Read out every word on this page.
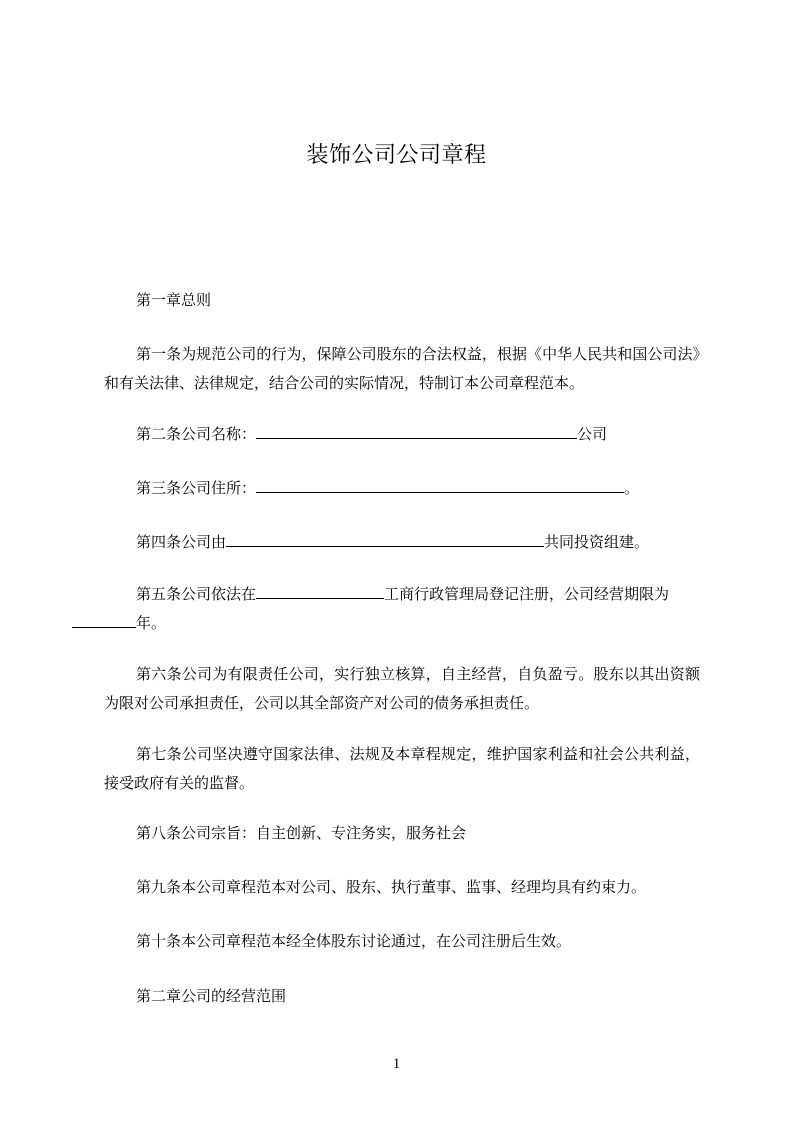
装饰公司公司章程
第一章总则
第一条为规范公司的行为，保障公司股东的合法权益，根据《中华人民共和国公司法》和有关法律、法律规定，结合公司的实际情况，特制订本公司章程范本。
第二条公司名称：	公司
第三条公司住所：	。
第四条公司由	共同投资组建。
第五条公司依法在	工商行政管理局登记注册，公司经营期限为
年。
第六条公司为有限责任公司，实行独立核算，自主经营，自负盈亏。股东以其出资额为限对公司承担责任，公司以其全部资产对公司的债务承担责任。
第七条公司坚决遵守国家法律、法规及本章程规定，维护国家利益和社会公共利益，接受政府有关的监督。
第八条公司宗旨：自主创新、专注务实，服务社会
第九条本公司章程范本对公司、股东、执行董事、监事、经理均具有约束力。
第十条本公司章程范本经全体股东讨论通过，在公司注册后生效。
第二章公司的经营范围
1
